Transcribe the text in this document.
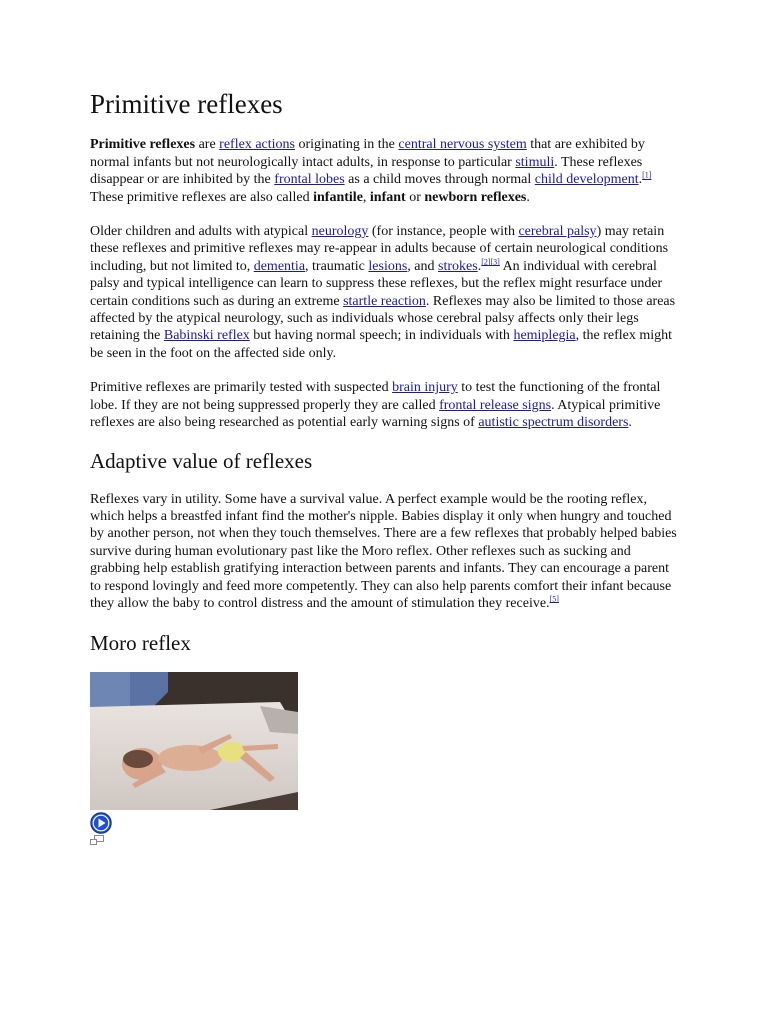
Primitive reflexes

Primitive reflexes are reflex actions originating in the central nervous system that are exhibited by normal infants but not neurologically intact adults, in response to particular stimuli. These reflexes disappear or are inhibited by the frontal lobes as a child moves through normal child development.[1] These primitive reflexes are also called infantile, infant or newborn reflexes.

Older children and adults with atypical neurology (for instance, people with cerebral palsy) may retain these reflexes and primitive reflexes may re-appear in adults because of certain neurological conditions including, but not limited to, dementia, traumatic lesions, and strokes.[2][3] An individual with cerebral palsy and typical intelligence can learn to suppress these reflexes, but the reflex might resurface under certain conditions such as during an extreme startle reaction. Reflexes may also be limited to those areas affected by the atypical neurology, such as individuals whose cerebral palsy affects only their legs retaining the Babinski reflex but having normal speech; in individuals with hemiplegia, the reflex might be seen in the foot on the affected side only.

Primitive reflexes are primarily tested with suspected brain injury to test the functioning of the frontal lobe. If they are not being suppressed properly they are called frontal release signs. Atypical primitive reflexes are also being researched as potential early warning signs of autistic spectrum disorders.

Adaptive value of reflexes

Reflexes vary in utility. Some have a survival value. A perfect example would be the rooting reflex, which helps a breastfed infant find the mother's nipple. Babies display it only when hungry and touched by another person, not when they touch themselves. There are a few reflexes that probably helped babies survive during human evolutionary past like the Moro reflex. Other reflexes such as sucking and grabbing help establish gratifying interaction between parents and infants. They can encourage a parent to respond lovingly and feed more competently. They can also help parents comfort their infant because they allow the baby to control distress and the amount of stimulation they receive.[5]

Moro reflex
